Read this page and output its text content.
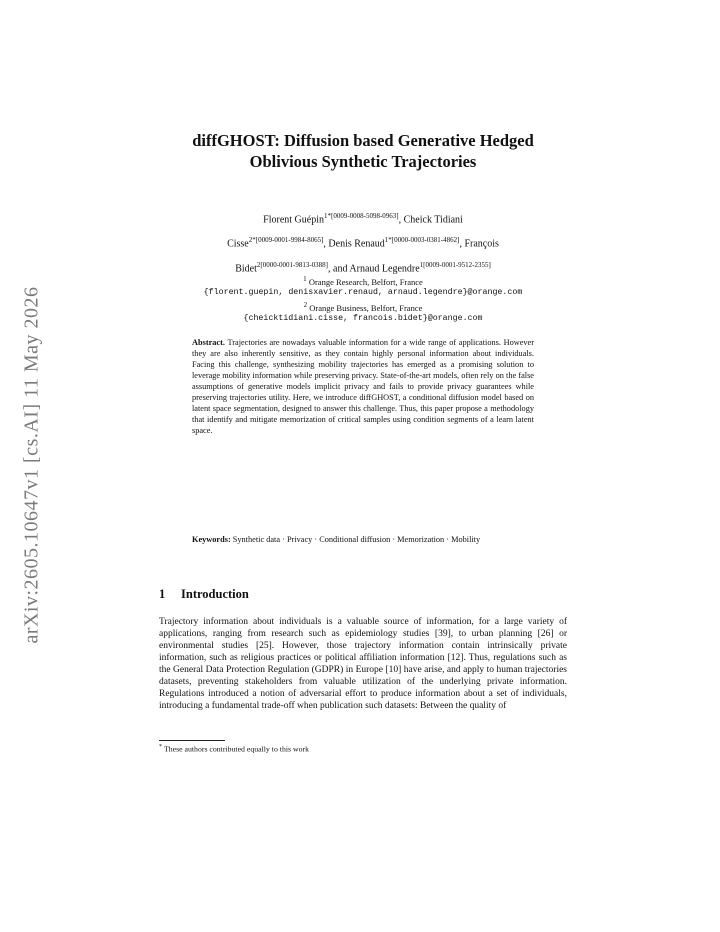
arXiv:2605.10647v1 [cs.AI] 11 May 2026
diffGHOST: Diffusion based Generative Hedged
Oblivious Synthetic Trajectories
Florent Guépin$^{1*[0009-0008-5098-0963]}$, Cheick Tidiani
Cisse$^{2*[0009-0001-9984-8065]}$, Denis Renaud$^{1*[0000-0003-0381-4862]}$, François
Bidet$^{2[0000-0001-9813-0388]}$, and Arnaud Legendre$^{1[0009-0001-9512-2355]}$
$^1$ Orange Research, Belfort, France
{florent.guepin, denisxavier.renaud, arnaud.legendre}@orange.com
$^2$ Orange Business, Belfort, France
{cheicktidiani.cisse, francois.bidet}@orange.com
Abstract. Trajectories are nowadays valuable information for a wide range of applications. However they are also inherently sensitive, as they contain highly personal information about individuals. Facing this challenge, synthesizing mobility trajectories has emerged as a promising solution to leverage mobility information while preserving privacy. State-of-the-art models, often rely on the false assumptions of generative models implicit privacy and fails to provide privacy guarantees while preserving trajectories utility. Here, we introduce diffGHOST, a conditional diffusion model based on latent space segmentation, designed to answer this challenge. Thus, this paper propose a methodology that identify and mitigate memorization of critical samples using condition segments of a learn latent space.
Keywords: Synthetic data · Privacy · Conditional diffusion · Memorization · Mobility
1 Introduction
Trajectory information about individuals is a valuable source of information, for a large variety of applications, ranging from research such as epidemiology studies [39], to urban planning [26] or environmental studies [25]. However, those trajectory information contain intrinsically private information, such as religious practices or political affiliation information [12]. Thus, regulations such as the General Data Protection Regulation (GDPR) in Europe [10] have arise, and apply to human trajectories datasets, preventing stakeholders from valuable utilization of the underlying private information. Regulations introduced a notion of adversarial effort to produce information about a set of individuals, introducing a fundamental trade-off when publication such datasets: Between the quality of
* These authors contributed equally to this work
